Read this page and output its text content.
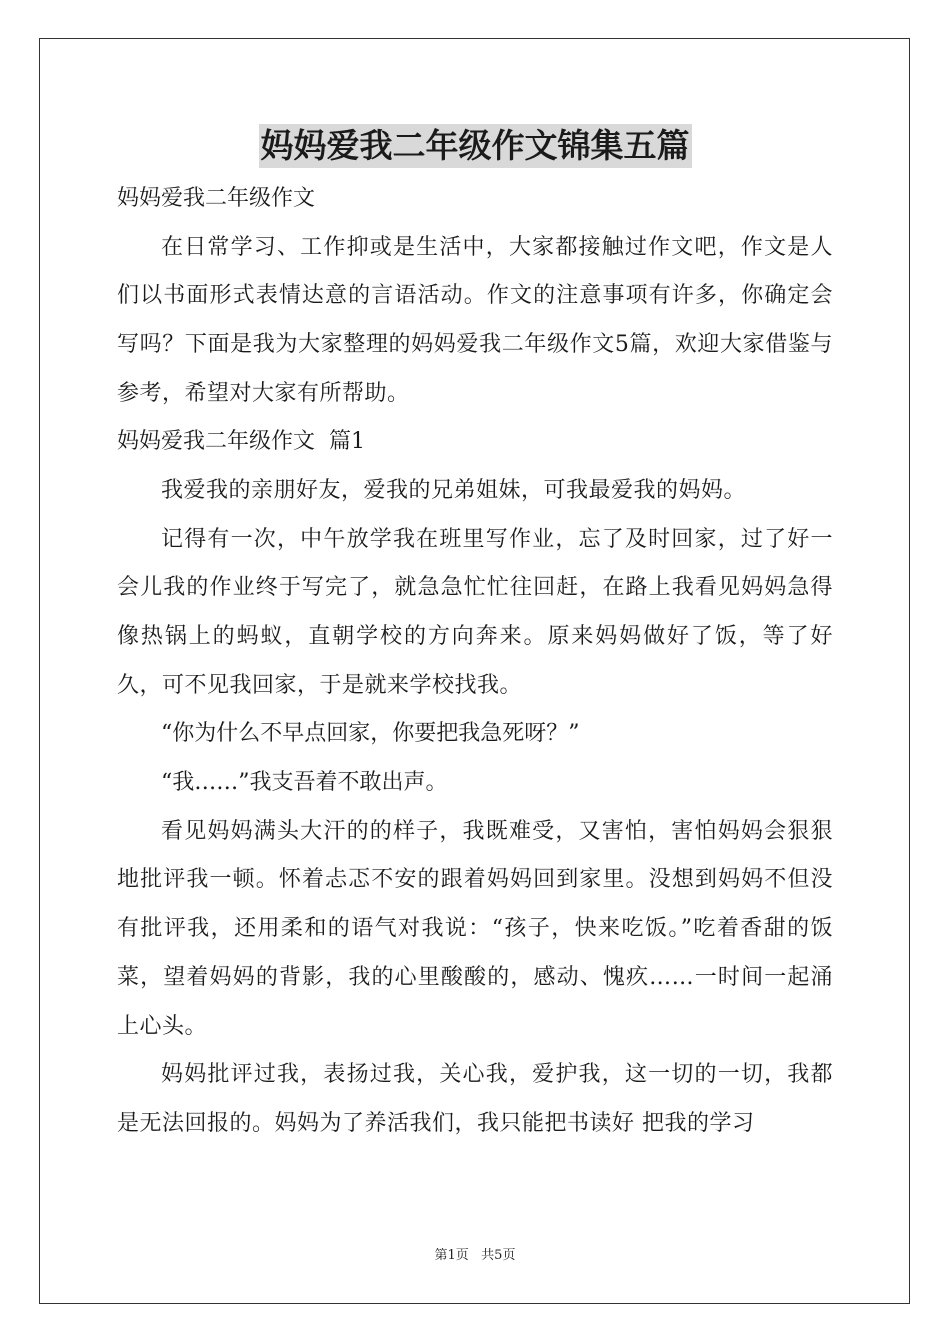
妈妈爱我二年级作文锦集五篇
妈妈爱我二年级作文
在日常学习、工作抑或是生活中，大家都接触过作文吧，作文是人们以书面形式表情达意的言语活动。作文的注意事项有许多，你确定会写吗？下面是我为大家整理的妈妈爱我二年级作文5篇，欢迎大家借鉴与参考，希望对大家有所帮助。
妈妈爱我二年级作文  篇1
我爱我的亲朋好友，爱我的兄弟姐妹，可我最爱我的妈妈。
记得有一次，中午放学我在班里写作业，忘了及时回家，过了好一会儿我的作业终于写完了，就急急忙忙往回赶，在路上我看见妈妈急得像热锅上的蚂蚁，直朝学校的方向奔来。原来妈妈做好了饭，等了好久，可不见我回家，于是就来学校找我。
“你为什么不早点回家，你要把我急死呀？”
“我……”我支吾着不敢出声。
看见妈妈满头大汗的的样子，我既难受，又害怕，害怕妈妈会狠狠地批评我一顿。怀着忐忑不安的跟着妈妈回到家里。没想到妈妈不但没有批评我，还用柔和的语气对我说：“孩子，快来吃饭。”吃着香甜的饭菜，望着妈妈的背影，我的心里酸酸的，感动、愧疚……一时间一起涌上心头。
妈妈批评过我，表扬过我，关心我，爱护我，这一切的一切，我都是无法回报的。妈妈为了养活我们，我只能把书读好 把我的学习
第1页   共5页
